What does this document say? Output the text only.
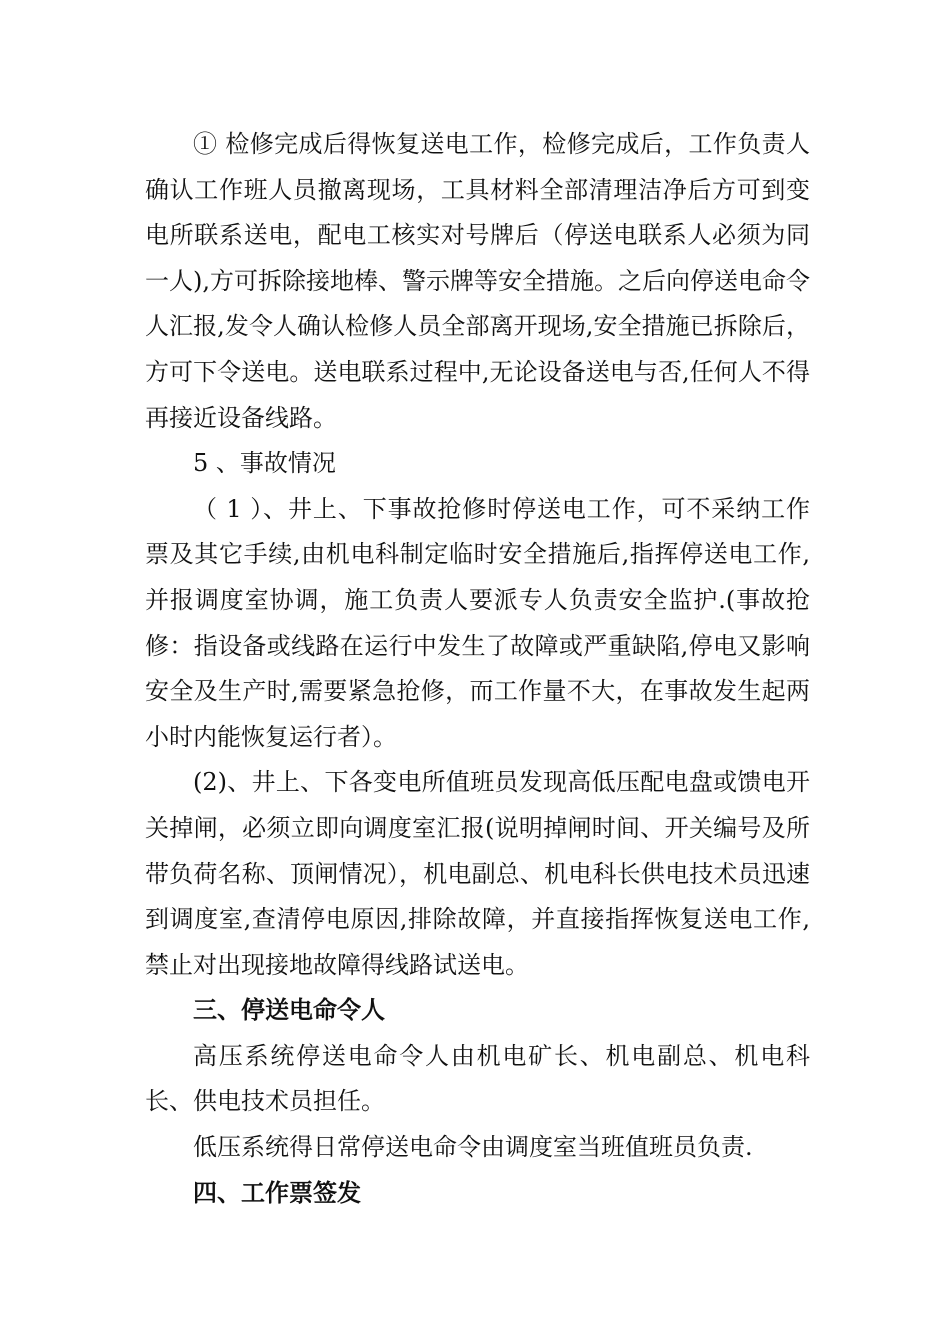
① 检修完成后得恢复送电工作，检修完成后，工作负责人确认工作班人员撤离现场，工具材料全部清理洁净后方可到变电所联系送电，配电工核实对号牌后（停送电联系人必须为同一人),方可拆除接地棒、警示牌等安全措施。之后向停送电命令人汇报,发令人确认检修人员全部离开现场,安全措施已拆除后，方可下令送电。送电联系过程中,无论设备送电与否,任何人不得再接近设备线路。

5 、事故情况

（ 1 ）、井上、下事故抢修时停送电工作，可不采纳工作票及其它手续,由机电科制定临时安全措施后,指挥停送电工作,并报调度室协调，施工负责人要派专人负责安全监护.(事故抢修：指设备或线路在运行中发生了故障或严重缺陷,停电又影响安全及生产时,需要紧急抢修，而工作量不大，在事故发生起两小时内能恢复运行者）。

(2)、井上、下各变电所值班员发现高低压配电盘或馈电开关掉闸，必须立即向调度室汇报(说明掉闸时间、开关编号及所带负荷名称、顶闸情况），机电副总、机电科长供电技术员迅速到调度室,查清停电原因,排除故障，并直接指挥恢复送电工作,禁止对出现接地故障得线路试送电。

三、停送电命令人

高压系统停送电命令人由机电矿长、机电副总、机电科长、供电技术员担任。

低压系统得日常停送电命令由调度室当班值班员负责.

四、工作票签发
